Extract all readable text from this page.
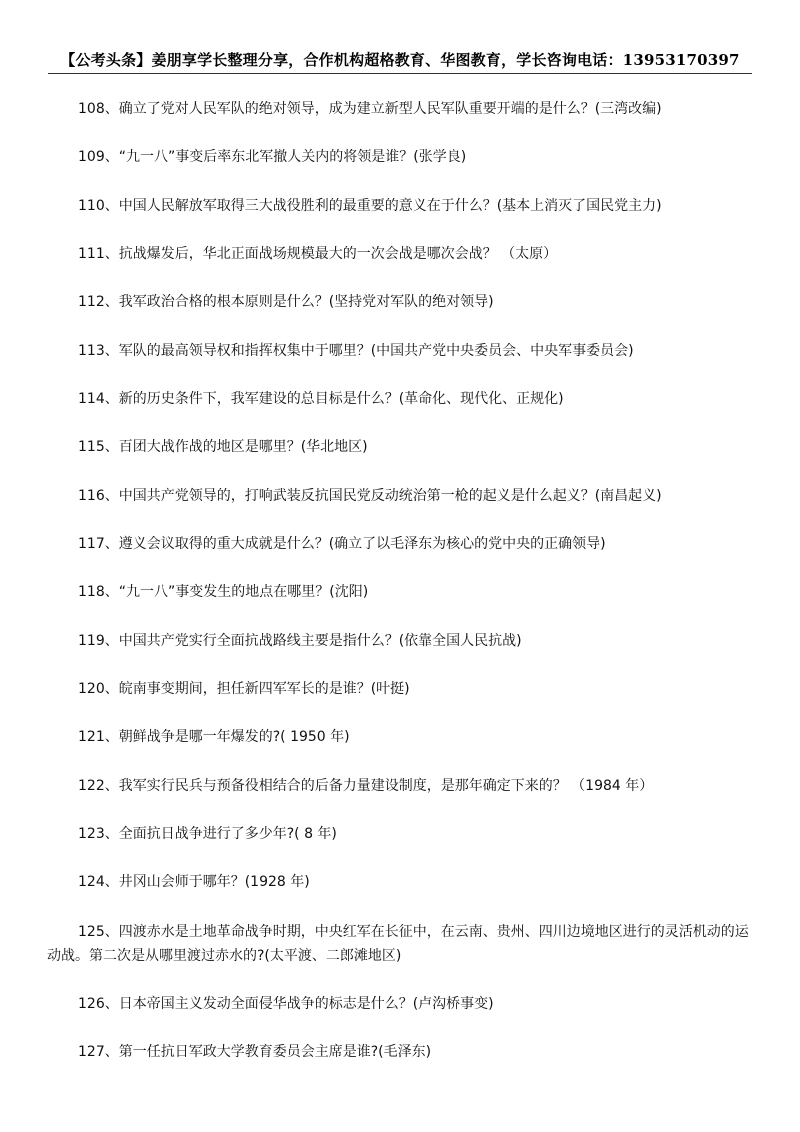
【公考头条】姜朋享学长整理分享，合作机构超格教育、华图教育，学长咨询电话：13953170397
108、确立了党对人民军队的绝对领导，成为建立新型人民军队重要开端的是什么？(三湾改编)
109、“九一八”事变后率东北军撤人关内的将领是谁？(张学良)
110、中国人民解放军取得三大战役胜利的最重要的意义在于什么？(基本上消灭了国民党主力)
111、抗战爆发后，华北正面战场规模最大的一次会战是哪次会战？ （太原）
112、我军政治合格的根本原则是什么？(坚持党对军队的绝对领导)
113、军队的最高领导权和指挥权集中于哪里？(中国共产党中央委员会、中央军事委员会)
114、新的历史条件下，我军建设的总目标是什么？(革命化、现代化、正规化)
115、百团大战作战的地区是哪里？(华北地区)
116、中国共产党领导的，打响武装反抗国民党反动统治第一枪的起义是什么起义？(南昌起义)
117、遵义会议取得的重大成就是什么？(确立了以毛泽东为核心的党中央的正确领导)
118、“九一八”事变发生的地点在哪里？(沈阳)
119、中国共产党实行全面抗战路线主要是指什么？(依靠全国人民抗战)
120、皖南事变期间，担任新四军军长的是谁？(叶挺)
121、朝鲜战争是哪一年爆发的?( 1950 年)
122、我军实行民兵与预备役相结合的后备力量建设制度，是那年确定下来的？ （1984 年）
123、全面抗日战争进行了多少年?( 8 年)
124、井冈山会师于哪年？(1928 年)
125、四渡赤水是土地革命战争时期，中央红军在长征中，在云南、贵州、四川边境地区进行的灵活机动的运
动战。第二次是从哪里渡过赤水的?(太平渡、二郎滩地区)
126、日本帝国主义发动全面侵华战争的标志是什么？(卢沟桥事变)
127、第一任抗日军政大学教育委员会主席是谁?(毛泽东)
